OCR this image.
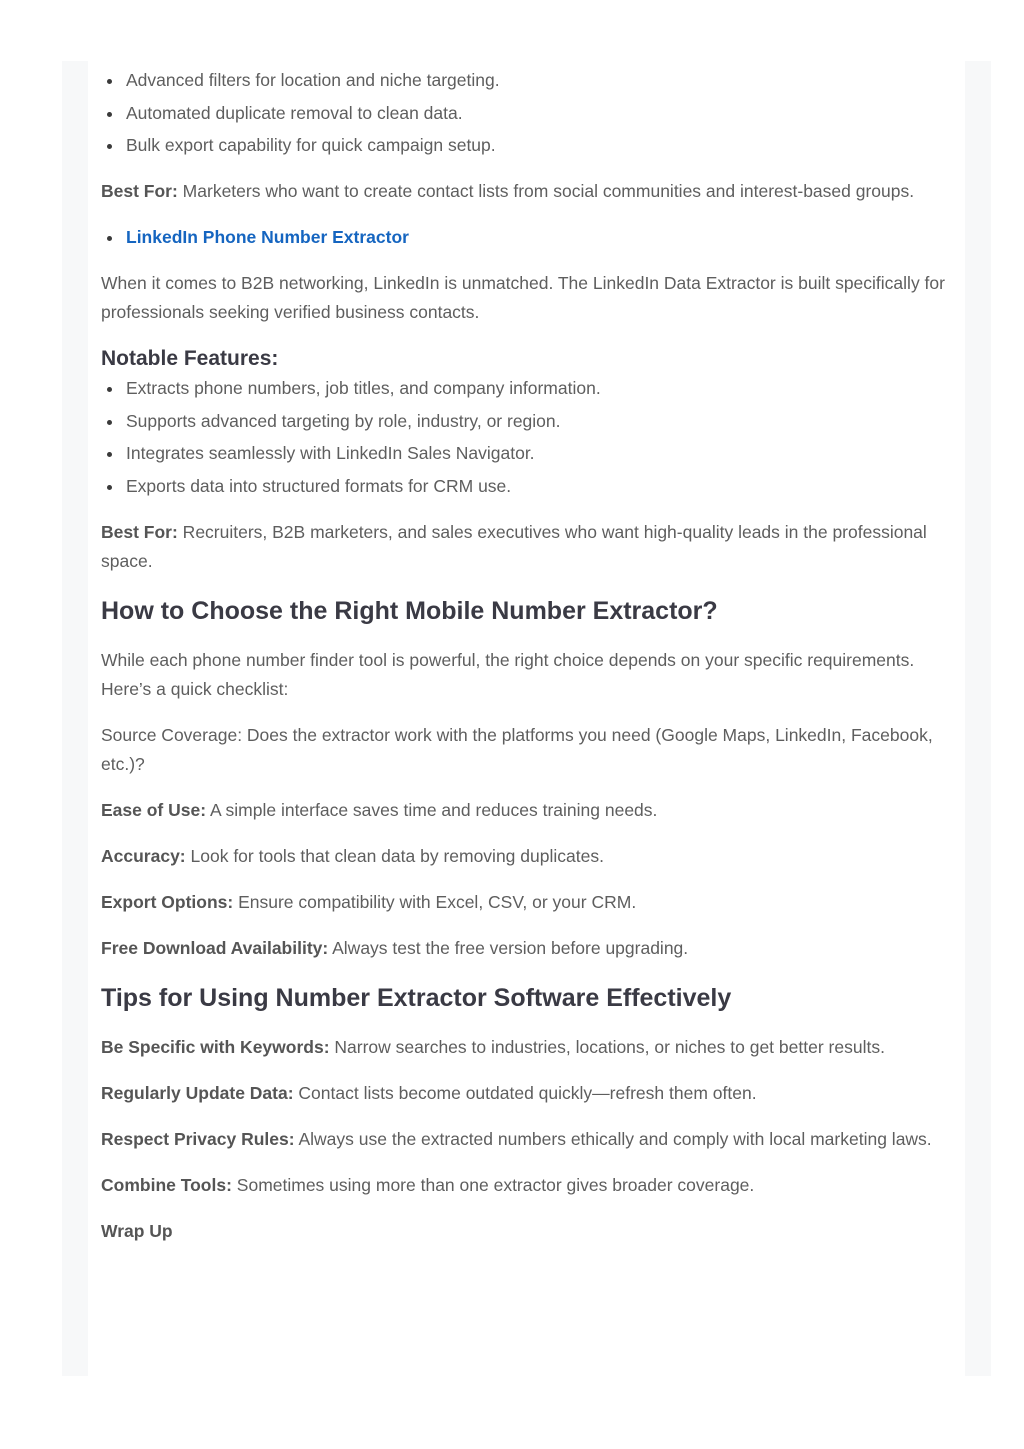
Advanced filters for location and niche targeting.
Automated duplicate removal to clean data.
Bulk export capability for quick campaign setup.

Best For: Marketers who want to create contact lists from social communities and interest-based groups.

LinkedIn Phone Number Extractor

When it comes to B2B networking, LinkedIn is unmatched. The LinkedIn Data Extractor is built specifically for professionals seeking verified business contacts.

Notable Features:
Extracts phone numbers, job titles, and company information.
Supports advanced targeting by role, industry, or region.
Integrates seamlessly with LinkedIn Sales Navigator.
Exports data into structured formats for CRM use.

Best For: Recruiters, B2B marketers, and sales executives who want high-quality leads in the professional space.

How to Choose the Right Mobile Number Extractor?

While each phone number finder tool is powerful, the right choice depends on your specific requirements. Here’s a quick checklist:

Source Coverage: Does the extractor work with the platforms you need (Google Maps, LinkedIn, Facebook, etc.)?

Ease of Use: A simple interface saves time and reduces training needs.

Accuracy: Look for tools that clean data by removing duplicates.

Export Options: Ensure compatibility with Excel, CSV, or your CRM.

Free Download Availability: Always test the free version before upgrading.

Tips for Using Number Extractor Software Effectively

Be Specific with Keywords: Narrow searches to industries, locations, or niches to get better results.

Regularly Update Data: Contact lists become outdated quickly—refresh them often.

Respect Privacy Rules: Always use the extracted numbers ethically and comply with local marketing laws.

Combine Tools: Sometimes using more than one extractor gives broader coverage.

Wrap Up
